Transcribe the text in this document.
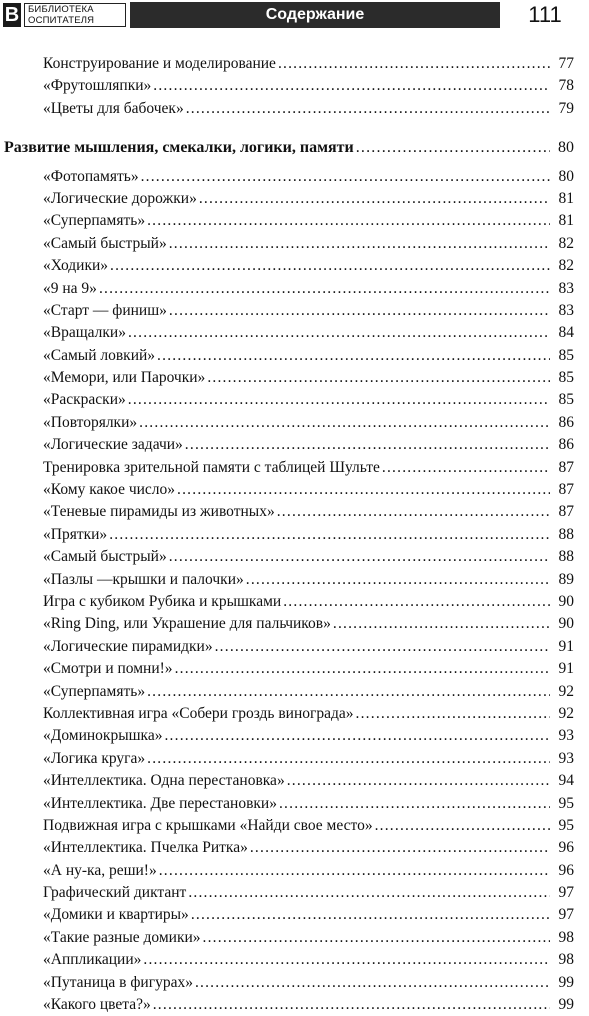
B БИБЛИОТЕКА
ОСПИТАТЕЛЯ	Содержание	111
Конструирование и моделирование .....	77
«Фрутошляпки» .....	78
«Цветы для бабочек» .....	79
Развитие мышления, смекалки, логики, памяти .....	80
«Фотопамять» .....	80
«Логические дорожки» .....	81
«Суперпамять» .....	81
«Самый быстрый» .....	82
«Ходики» .....	82
«9 на 9» .....	83
«Старт — финиш» .....	83
«Вращалки» .....	84
«Самый ловкий» .....	85
«Мемори, или Парочки» .....	85
«Раскраски» .....	85
«Повторялки» .....	86
«Логические задачи» .....	86
Тренировка зрительной памяти с таблицей Шульте .....	87
«Кому какое число» .....	87
«Теневые пирамиды из животных» .....	87
«Прятки» .....	88
«Самый быстрый» .....	88
«Пазлы —крышки и палочки» .....	89
Игра с кубиком Рубика и крышками .....	90
«Ring Ding, или Украшение для пальчиков» .....	90
«Логические пирамидки» .....	91
«Смотри и помни!» .....	91
«Суперпамять» .....	92
Коллективная игра «Собери гроздь винограда» .....	92
«Доминокрышка» .....	93
«Логика круга» .....	93
«Интеллектика. Одна перестановка» .....	94
«Интеллектика. Две перестановки» .....	95
Подвижная игра с крышками «Найди свое место» .....	95
«Интеллектика. Пчелка Ритка» .....	96
«А ну-ка, реши!» .....	96
Графический диктант .....	97
«Домики и квартиры» .....	97
«Такие разные домики» .....	98
«Аппликации» .....	98
«Путаница в фигурах» .....	99
«Какого цвета?» .....	99
